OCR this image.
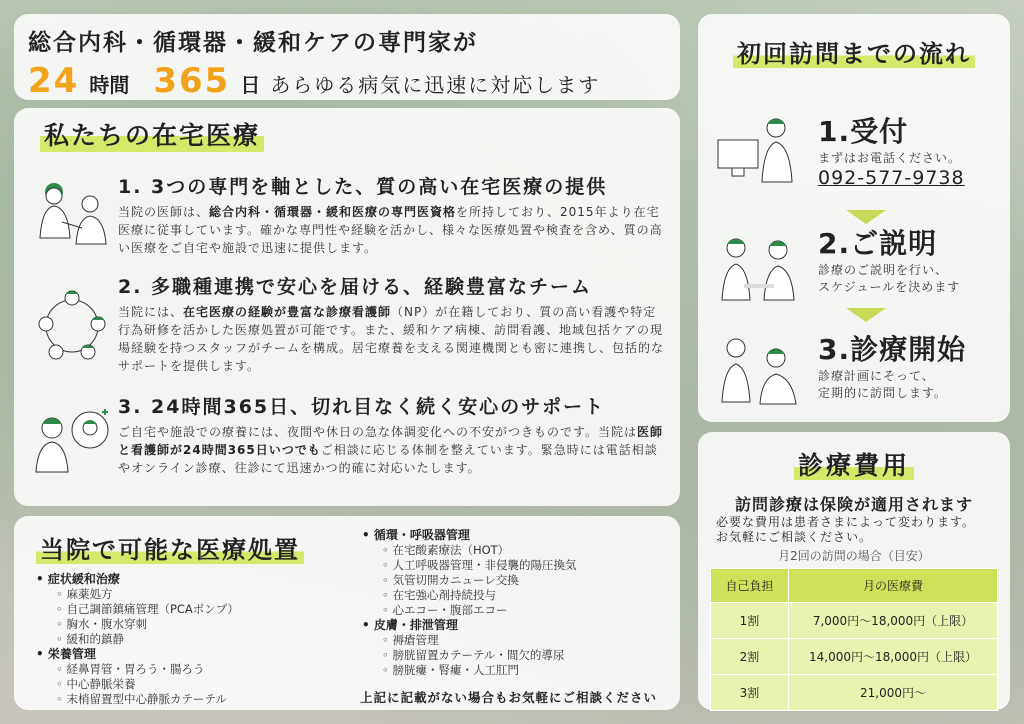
総合内科・循環器・緩和ケアの専門家が
24 時間 365 日 あらゆる病気に迅速に対応します
私たちの在宅医療
1. 3つの専門を軸とした、質の高い在宅医療の提供

当院の医師は、総合内科・循環器・緩和医療の専門医資格を所持しており、2015年より在宅医療に従事しています。確かな専門性や経験を活かし、様々な医療処置や検査を含め、質の高い医療をご自宅や施設で迅速に提供します。

2. 多職種連携で安心を届ける、経験豊富なチーム

当院には、在宅医療の経験が豊富な診療看護師（NP）が在籍しており、質の高い看護や特定行為研修を活かした医療処置が可能です。また、緩和ケア病棟、訪問看護、地域包括ケアの現場経験を持つスタッフがチームを構成。居宅療養を支える関連機関とも密に連携し、包括的なサポートを提供します。

3. 24時間365日、切れ目なく続く安心のサポート

ご自宅や施設での療養には、夜間や休日の急な体調変化への不安がつきものです。当院は医師と看護師が24時間365日いつでもご相談に応じる体制を整えています。緊急時には電話相談やオンライン診療、往診にて迅速かつ的確に対応いたします。

初回訪問までの流れ
1.受付
まずはお電話ください。
092-577-9738
2.ご説明
診療のご説明を行い、
スケジュールを決めます
3.診療開始
診療計画にそって、
定期的に訪問します。
診療費用
訪問診療は保険が適用されます
必要な費用は患者さまによって変わります。
お気軽にご相談ください。
月2回の訪問の場合（目安）
自己負担	月の医療費
1割	7,000円～18,000円（上限）
2割	14,000円～18,000円（上限）
3割	21,000円～
当院で可能な医療処置
• 症状緩和治療
◦ 麻薬処方
◦ 自己調節鎮痛管理（PCAポンプ）
◦ 胸水・腹水穿刺
◦ 緩和的鎮静
• 栄養管理
◦ 経鼻胃管・胃ろう・腸ろう
◦ 中心静脈栄養
◦ 末梢留置型中心静脈カテーテル
• 循環・呼吸器管理
◦ 在宅酸素療法（HOT）
◦ 人工呼吸器管理・非侵襲的陽圧換気
◦ 気管切開カニューレ交換
◦ 在宅強心剤持続投与
◦ 心エコー・腹部エコー
• 皮膚・排泄管理
◦ 褥瘡管理
◦ 膀胱留置カテーテル・間欠的導尿
◦ 膀胱瘻・腎瘻・人工肛門
上記に記載がない場合もお気軽にご相談ください
